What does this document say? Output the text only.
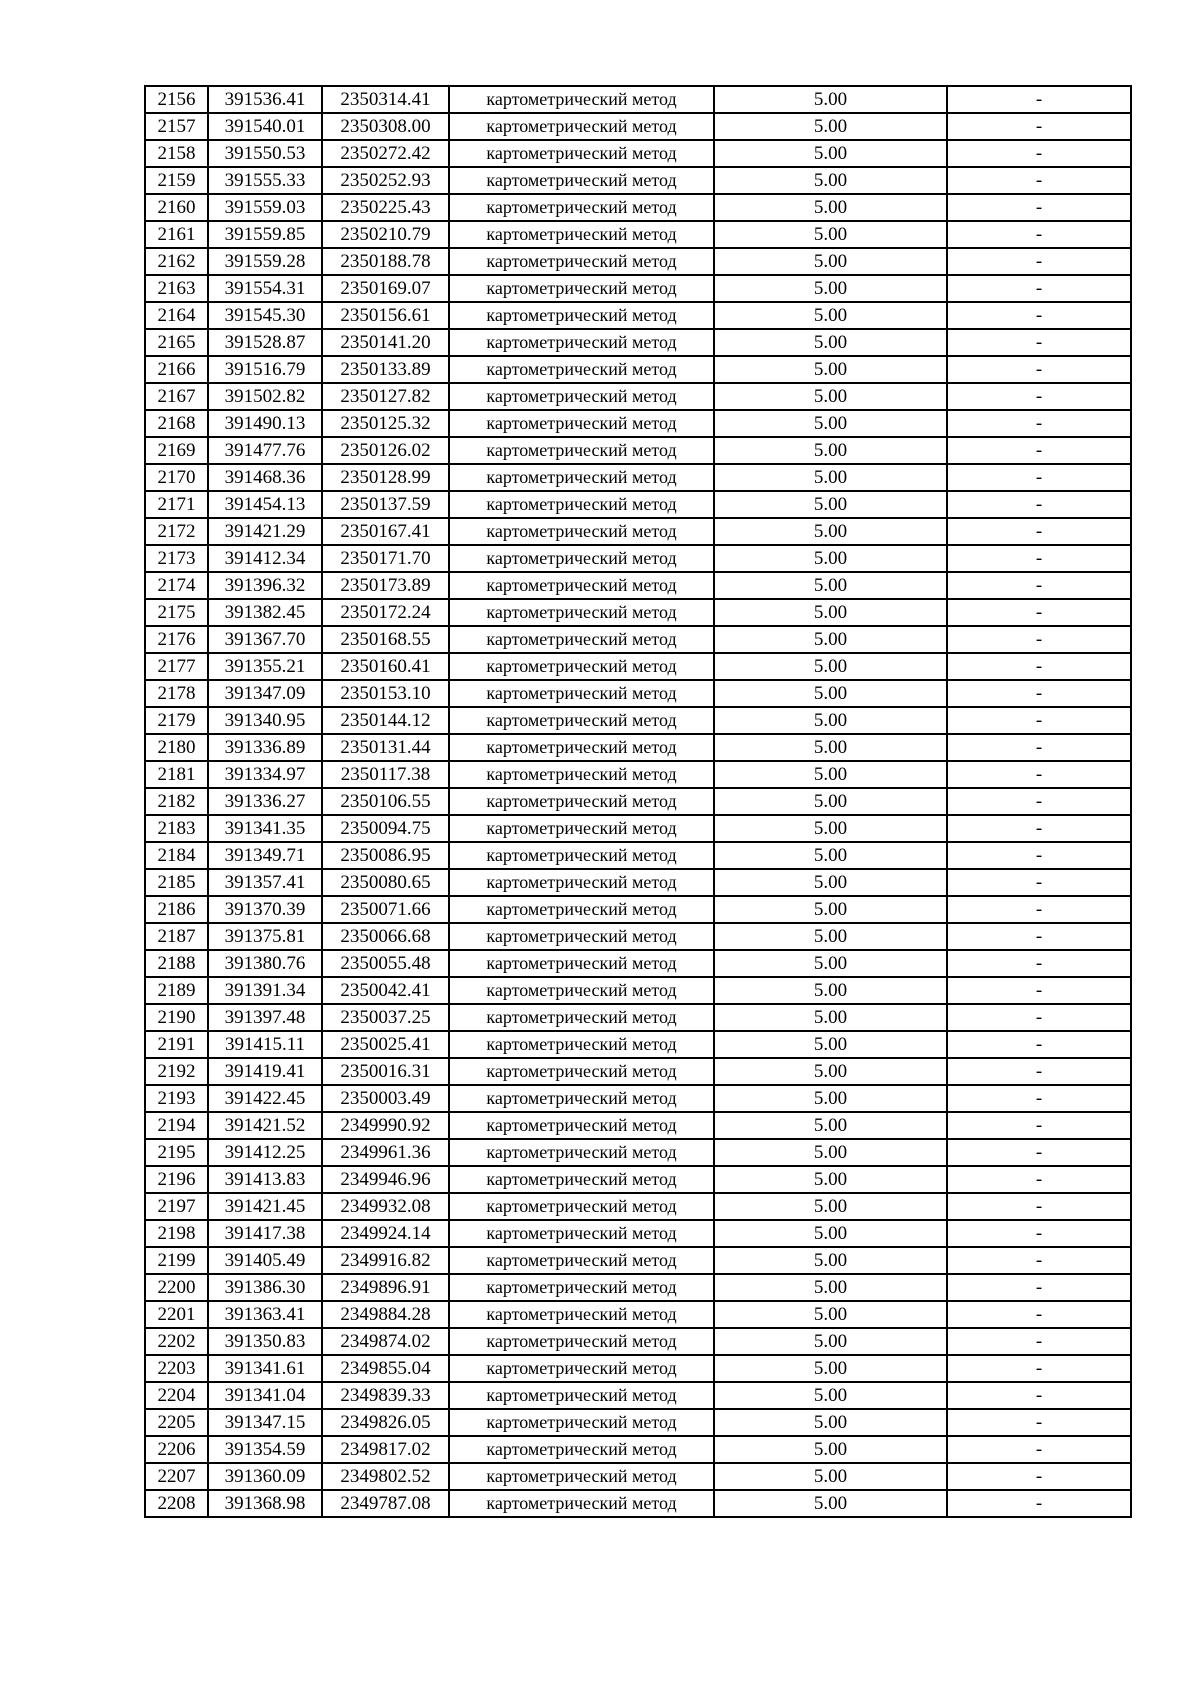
2156	391536.41	2350314.41	картометрический метод	5.00	-
2157	391540.01	2350308.00	картометрический метод	5.00	-
2158	391550.53	2350272.42	картометрический метод	5.00	-
2159	391555.33	2350252.93	картометрический метод	5.00	-
2160	391559.03	2350225.43	картометрический метод	5.00	-
2161	391559.85	2350210.79	картометрический метод	5.00	-
2162	391559.28	2350188.78	картометрический метод	5.00	-
2163	391554.31	2350169.07	картометрический метод	5.00	-
2164	391545.30	2350156.61	картометрический метод	5.00	-
2165	391528.87	2350141.20	картометрический метод	5.00	-
2166	391516.79	2350133.89	картометрический метод	5.00	-
2167	391502.82	2350127.82	картометрический метод	5.00	-
2168	391490.13	2350125.32	картометрический метод	5.00	-
2169	391477.76	2350126.02	картометрический метод	5.00	-
2170	391468.36	2350128.99	картометрический метод	5.00	-
2171	391454.13	2350137.59	картометрический метод	5.00	-
2172	391421.29	2350167.41	картометрический метод	5.00	-
2173	391412.34	2350171.70	картометрический метод	5.00	-
2174	391396.32	2350173.89	картометрический метод	5.00	-
2175	391382.45	2350172.24	картометрический метод	5.00	-
2176	391367.70	2350168.55	картометрический метод	5.00	-
2177	391355.21	2350160.41	картометрический метод	5.00	-
2178	391347.09	2350153.10	картометрический метод	5.00	-
2179	391340.95	2350144.12	картометрический метод	5.00	-
2180	391336.89	2350131.44	картометрический метод	5.00	-
2181	391334.97	2350117.38	картометрический метод	5.00	-
2182	391336.27	2350106.55	картометрический метод	5.00	-
2183	391341.35	2350094.75	картометрический метод	5.00	-
2184	391349.71	2350086.95	картометрический метод	5.00	-
2185	391357.41	2350080.65	картометрический метод	5.00	-
2186	391370.39	2350071.66	картометрический метод	5.00	-
2187	391375.81	2350066.68	картометрический метод	5.00	-
2188	391380.76	2350055.48	картометрический метод	5.00	-
2189	391391.34	2350042.41	картометрический метод	5.00	-
2190	391397.48	2350037.25	картометрический метод	5.00	-
2191	391415.11	2350025.41	картометрический метод	5.00	-
2192	391419.41	2350016.31	картометрический метод	5.00	-
2193	391422.45	2350003.49	картометрический метод	5.00	-
2194	391421.52	2349990.92	картометрический метод	5.00	-
2195	391412.25	2349961.36	картометрический метод	5.00	-
2196	391413.83	2349946.96	картометрический метод	5.00	-
2197	391421.45	2349932.08	картометрический метод	5.00	-
2198	391417.38	2349924.14	картометрический метод	5.00	-
2199	391405.49	2349916.82	картометрический метод	5.00	-
2200	391386.30	2349896.91	картометрический метод	5.00	-
2201	391363.41	2349884.28	картометрический метод	5.00	-
2202	391350.83	2349874.02	картометрический метод	5.00	-
2203	391341.61	2349855.04	картометрический метод	5.00	-
2204	391341.04	2349839.33	картометрический метод	5.00	-
2205	391347.15	2349826.05	картометрический метод	5.00	-
2206	391354.59	2349817.02	картометрический метод	5.00	-
2207	391360.09	2349802.52	картометрический метод	5.00	-
2208	391368.98	2349787.08	картометрический метод	5.00	-
